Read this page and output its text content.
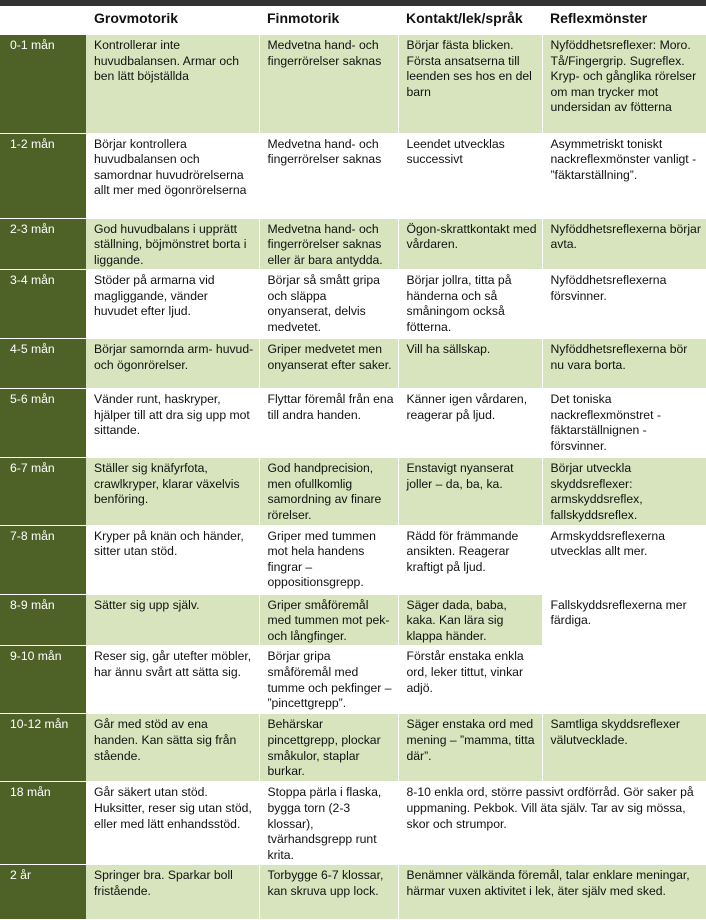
	Grovmotorik	Finmotorik	Kontakt/lek/språk	Reflexmönster
0-1 mån	Kontrollerar inte huvudbalansen. Armar och ben lätt böjställda	Medvetna hand- och fingerrörelser saknas	Börjar fästa blicken. Första ansatserna till leenden ses hos en del barn	Nyföddhetsreflexer: Moro. Tå/Fingergrip. Sugreflex. Kryp- och gånglika rörelser om man trycker mot undersidan av fötterna
1-2 mån	Börjar kontrollera huvudbalansen och samordnar huvudrörelserna allt mer med ögonrörelserna	Medvetna hand- och fingerrörelser saknas	Leendet utvecklas successivt	Asymmetriskt toniskt nackreflexmönster vanligt - ”fäktarställning”.
2-3 mån	God huvudbalans i upprätt ställning, böjmönstret borta i liggande.	Medvetna hand- och fingerrörelser saknas eller är bara antydda.	Ögon-skrattkontakt med vårdaren.	Nyföddhetsreflexerna börjar avta.
3-4 mån	Stöder på armarna vid magliggande, vänder huvudet efter ljud.	Börjar så smått gripa och släppa onyanserat, delvis medvetet.	Börjar jollra, titta på händerna och så småningom också fötterna.	Nyföddhetsreflexerna försvinner.
4-5 mån	Börjar samornda arm- huvud- och ögonrörelser.	Griper medvetet men onyanserat efter saker.	Vill ha sällskap.	Nyföddhetsreflexerna bör nu vara borta.
5-6 mån	Vänder runt, haskryper, hjälper till att dra sig upp mot sittande.	Flyttar föremål från ena till andra handen.	Känner igen vårdaren, reagerar på ljud.	Det toniska nackreflexmönstret - fäktarställnignen - försvinner.
6-7 mån	Ställer sig knäfyrfota, crawlkryper, klarar växelvis benföring.	God handprecision, men ofullkomlig samordning av finare rörelser.	Enstavigt nyanserat joller – da, ba, ka.	Börjar utveckla skyddsreflexer: armskyddsreflex, fallskyddsreflex.
7-8 mån	Kryper på knän och händer, sitter utan stöd.	Griper med tummen mot hela handens fingrar – oppositionsgrepp.	Rädd för främmande ansikten. Reagerar kraftigt på ljud.	Armskyddsreflexerna utvecklas allt mer.
8-9 mån	Sätter sig upp själv.	Griper småföremål med tummen mot pek- och långfinger.	Säger dada, baba, kaka. Kan lära sig klappa händer.	Fallskyddsreflexerna mer färdiga.
9-10 mån	Reser sig, går utefter möbler, har ännu svårt att sätta sig.	Börjar gripa småföremål med tumme och pekfinger – ”pincettgrepp”.	Förstår enstaka enkla ord, leker tittut, vinkar adjö.	
10-12 mån	Går med stöd av ena handen. Kan sätta sig från stående.	Behärskar pincettgrepp, plockar småkulor, staplar burkar.	Säger enstaka ord med mening – ”mamma, titta där”.	Samtliga skyddsreflexer välutvecklade.
18 mån	Går säkert utan stöd. Huksitter, reser sig utan stöd, eller med lätt enhandsstöd.	Stoppa pärla i flaska, bygga torn (2-3 klossar), tvärhandsgrepp runt krita.	8-10 enkla ord, större passivt ordförråd. Gör saker på uppmaning. Pekbok. Vill äta själv. Tar av sig mössa, skor och strumpor.	
2 år	Springer bra. Sparkar boll fristående.	Torbygge 6-7 klossar, kan skruva upp lock.	Benämner välkända föremål, talar enklare meningar, härmar vuxen aktivitet i lek, äter själv med sked.	
